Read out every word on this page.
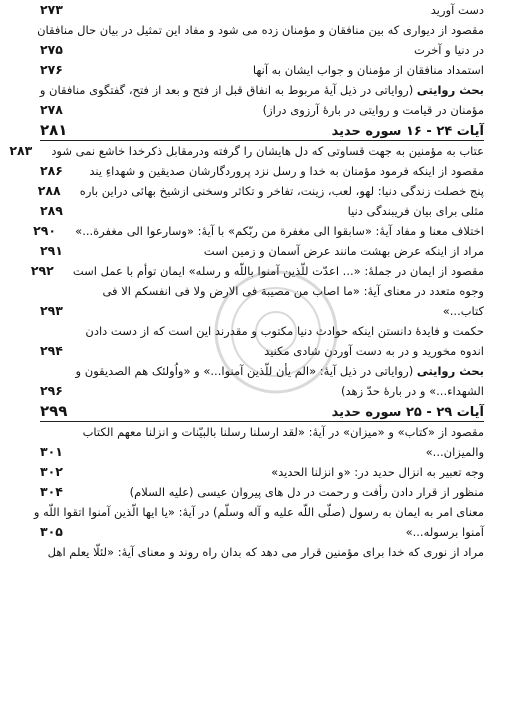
دست آورید
۲۷۳
مقصود از دیواری که بین منافقان و مؤمنان زده می شود و مفاد این تمثیل در بیان حال منافقان
در دنیا و آخرت
۲۷۵
استمداد منافقان از مؤمنان و جواب ایشان به آنها
۲۷۶
بحث روایتی (روایاتی در ذیل آیهٔ مربوط به انفاق قبل از فتح و بعد از فتح، گفتگوی منافقان و
مؤمنان در قیامت و روایتی در بارهٔ آرزوی دراز)
۲۷۸
آیات ۲۴ - ۱۶ سوره حدید
۲۸۱
عتاب به مؤمنین به جهت قساوتی که دل هایشان را گرفته ودرمقابل ذکرخدا خاشع نمی شود
۲۸۳
مقصود از اینکه فرمود مؤمنان به خدا و رسل نزد پروردگارشان صدیقین و شهداءِ یند
۲۸۶
پنج خصلت زندگی دنیا: لهو، لعب، زینت، تفاخر و تکاثر وسخنی ازشیخ بهائی دراین باره
۲۸۸
مثلی برای بیان فریبندگی دنیا
۲۸۹
اختلاف معنا و مفاد آیهٔ: «سابقوا الی مغفرة من ربّکم» با آیهٔ: «وسارعوا الی مغفرة...»
۲۹۰
مراد از اینکه عرض بهشت مانند عرض آسمان و زمین است
۲۹۱
مقصود از ایمان در جملهٔ: «... اعدّت للّذین آمنوا باللّه و رسله» ایمان توأم با عمل است
۲۹۲
وجوه متعدد در معنای آیهٔ: «ما اصاب من مصیبة فی الارض ولا فی انفسکم الا فی
کتاب...»
۲۹۳
حکمت و فایدهٔ دانستن اینکه حوادث دنیا مکتوب و مقدرند این است که از دست دادن
اندوه مخورید و در به دست آوردن شادی مکنید
۲۹۴
بحث روایتی (روایاتی در ذیل آیهٔ: «الم یأن للّذین آمنوا...» و «واُولئک هم الصدیقون و
الشهداء...» و در بارهٔ حدّ زهد)
۲۹۶
آیات ۲۹ - ۲۵ سوره حدید
۲۹۹
مقصود از «کتاب» و «میزان» در آیهٔ: «لقد ارسلنا رسلنا بالبیّنات و انزلنا معهم الکتاب
والمیزان...»
۳۰۱
وجه تعبیر به انزال حدید در: «و انزلنا الحدید»
۳۰۲
منظور از قرار دادن رأفت و رحمت در دل های پیروان عیسی (علیه السلام)
۳۰۴
معنای امر به ایمان به رسول (صلّی اللّه علیه و آله وسلّم) در آیهٔ: «یا ایها الّذین آمنوا اتقوا اللّه و
آمنوا برسوله...»
۳۰۵
مراد از نوری که خدا برای مؤمنین قرار می دهد که بدان راه روند و معنای آیهٔ: «لئلّا یعلم اهل
